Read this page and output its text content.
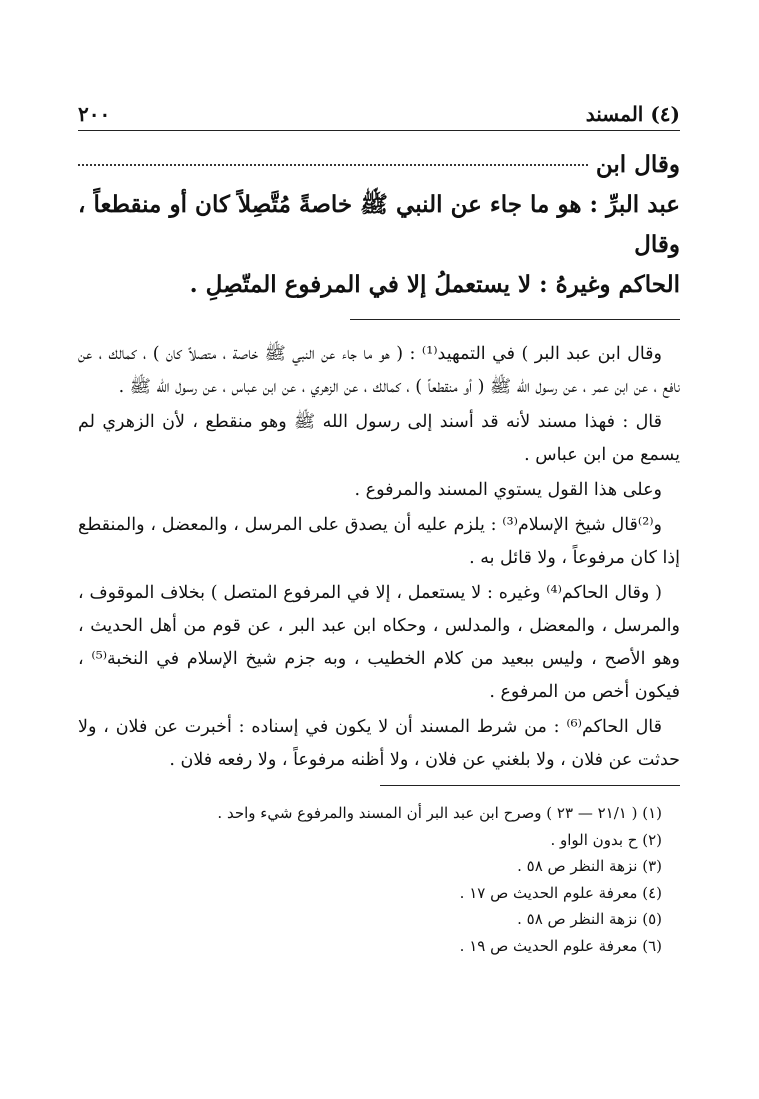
(٤) المسند
٢٠٠
وقال ابن
عبد البرِّ : هو ما جاء عن النبي ﷺ خاصةً مُتَّصِلاً كان أو منقطعاً ، وقال
الحاكم وغيرهُ : لا يستعملُ إلا في المرفوع المتّصِلِ .

وقال ابن عبد البر ) في التمهيد⁽¹⁾ : ( هو ما جاء عن النبي ﷺ خاصة ، متصلاً كان ) ، كمالك ، عن نافع ، عن ابن عمر ، عن رسول الله ﷺ ( أو منقطعاً ) ، كمالك ، عن الزهري ، عن ابن عباس ، عن رسول الله ﷺ .

قال : فهذا مسند لأنه قد أسند إلى رسول الله ﷺ وهو منقطع ، لأن الزهري لم يسمع من ابن عباس .

وعلى هذا القول يستوي المسند والمرفوع .

و⁽²⁾قال شيخ الإسلام⁽³⁾ : يلزم عليه أن يصدق على المرسل ، والمعضل ، والمنقطع إذا كان مرفوعاً ، ولا قائل به .

( وقال الحاكم⁽⁴⁾ وغيره : لا يستعمل ، إلا في المرفوع المتصل ) بخلاف الموقوف ، والمرسل ، والمعضل ، والمدلس ، وحكاه ابن عبد البر ، عن قوم من أهل الحديث ، وهو الأصح ، وليس ببعيد من كلام الخطيب ، وبه جزم شيخ الإسلام في النخبة⁽⁵⁾ ، فيكون أخص من المرفوع .

قال الحاكم⁽⁶⁾ : من شرط المسند أن لا يكون في إسناده : أخبرت عن فلان ، ولا حدثت عن فلان ، ولا بلغني عن فلان ، ولا أظنه مرفوعاً ، ولا رفعه فلان .

(١) ( ٢١/١ — ٢٣ ) وصرح ابن عبد البر أن المسند والمرفوع شيء واحد .
(٢) ح بدون الواو .
(٣) نزهة النظر ص ٥٨ .
(٤) معرفة علوم الحديث ص ١٧ .
(٥) نزهة النظر ص ٥٨ .
(٦) معرفة علوم الحديث ص ١٩ .
